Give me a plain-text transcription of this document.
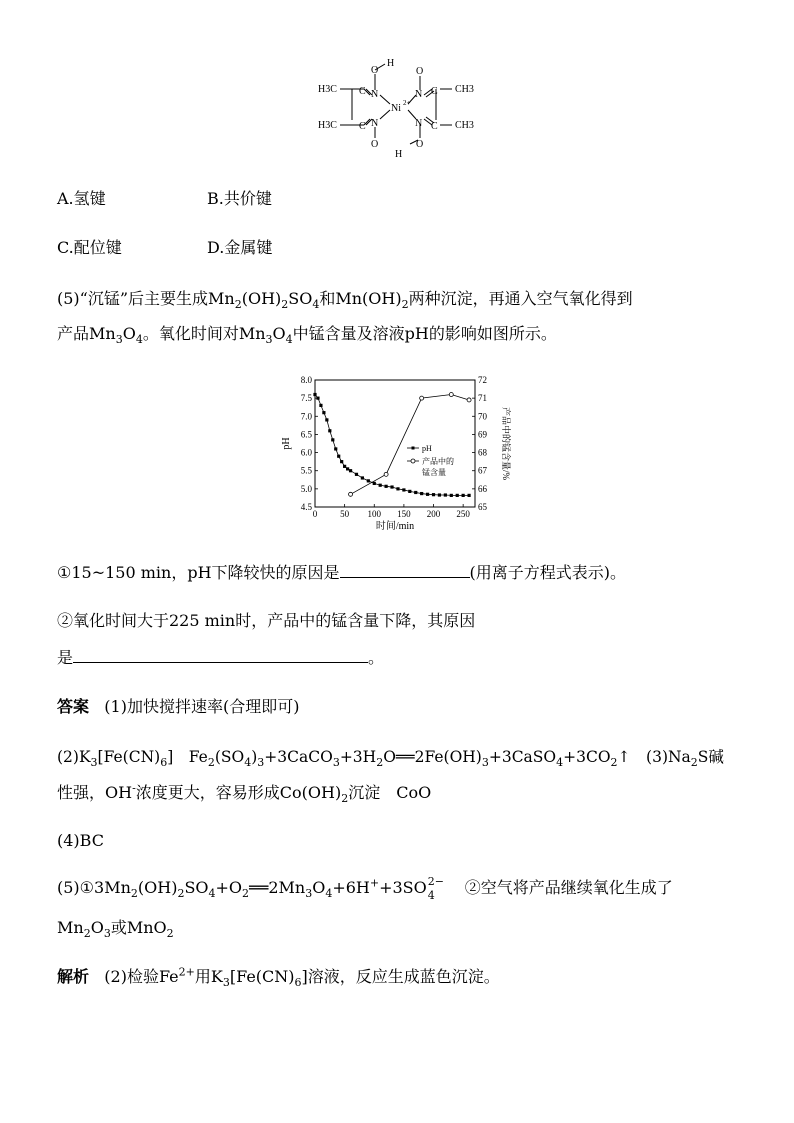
H3C
H3C
CH3
CH3
C
C
C
C
N
N
N
N
Ni 2+
O
H
O
O
O
H
A.氢键	B.共价键
C.配位键	D.金属键
(5)“沉锰”后主要生成$Mn_2(OH)_2SO_4$和$Mn(OH)_2$两种沉淀，再通入空气氧化得到
产品$Mn_3O_4$。氧化时间对$Mn_3O_4$中锰含量及溶液pH的影响如图所示。
0	50 100 150 200 250
4.5
5.0
5.5
6.0
6.5
7.0
7.5
8.0
65
66
67
68
69
70
71
72
时间/min
pH	产品中的锰含量/%
pH
产品中的
锰含量
①15~150 min，pH下降较快的原因是	(用离子方程式表示)。
②氧化时间大于225 min时，产品中的锰含量下降，其原因
是	。
答案 (1)加快搅拌速率(合理即可)
$(2)K_3[Fe(CN)_6]$　$Fe_2(SO_4)_3+3CaCO_3+3H_2O══2Fe(OH)_3+3CaSO_4+3CO_2↑$　$(3)Na_2S$碱
性强，OH-浓度更大，容易形成$Co(OH)_2$沉淀　CoO
(4)BC
$(5)①3Mn_2(OH)_2SO_4+O_2══2Mn_3O_4+6H^++3SO$ 2−
4 　②空气将产品继续氧化生成了
$Mn_2O_3$或MnO$_2$
解析 (2)检验$Fe^{2+}$用$K_3[Fe(CN)_6]$溶液，反应生成蓝色沉淀。
